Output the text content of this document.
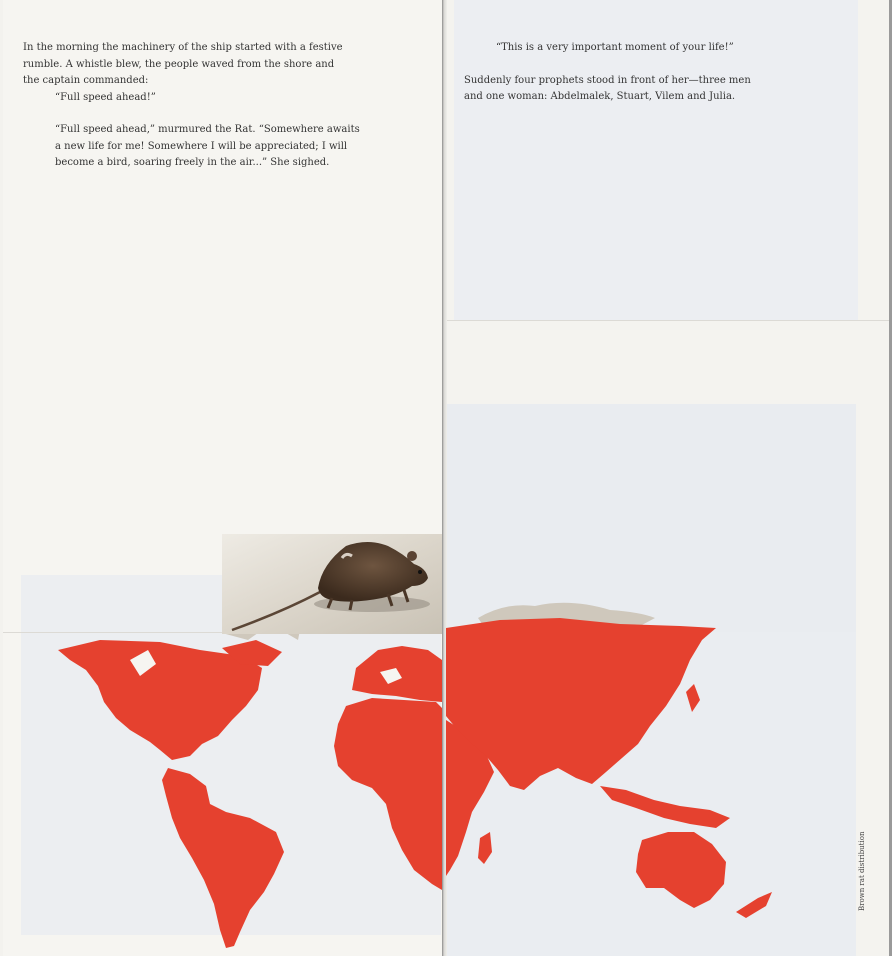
In the morning the machinery of the ship started with a festive
rumble. A whistle blew, the people waved from the shore and
the captain commanded:

“Full speed ahead!”

“Full speed ahead,” murmured the Rat. “Somewhere awaits
a new life for me! Somewhere I will be appreciated; I will
become a bird, soaring freely in the air...” She sighed.

“This is a very important moment of your life!”

Suddenly four prophets stood in front of her—three men
and one woman: Abdelmalek, Stuart, Vilem and Julia.

Brown rat distribution
